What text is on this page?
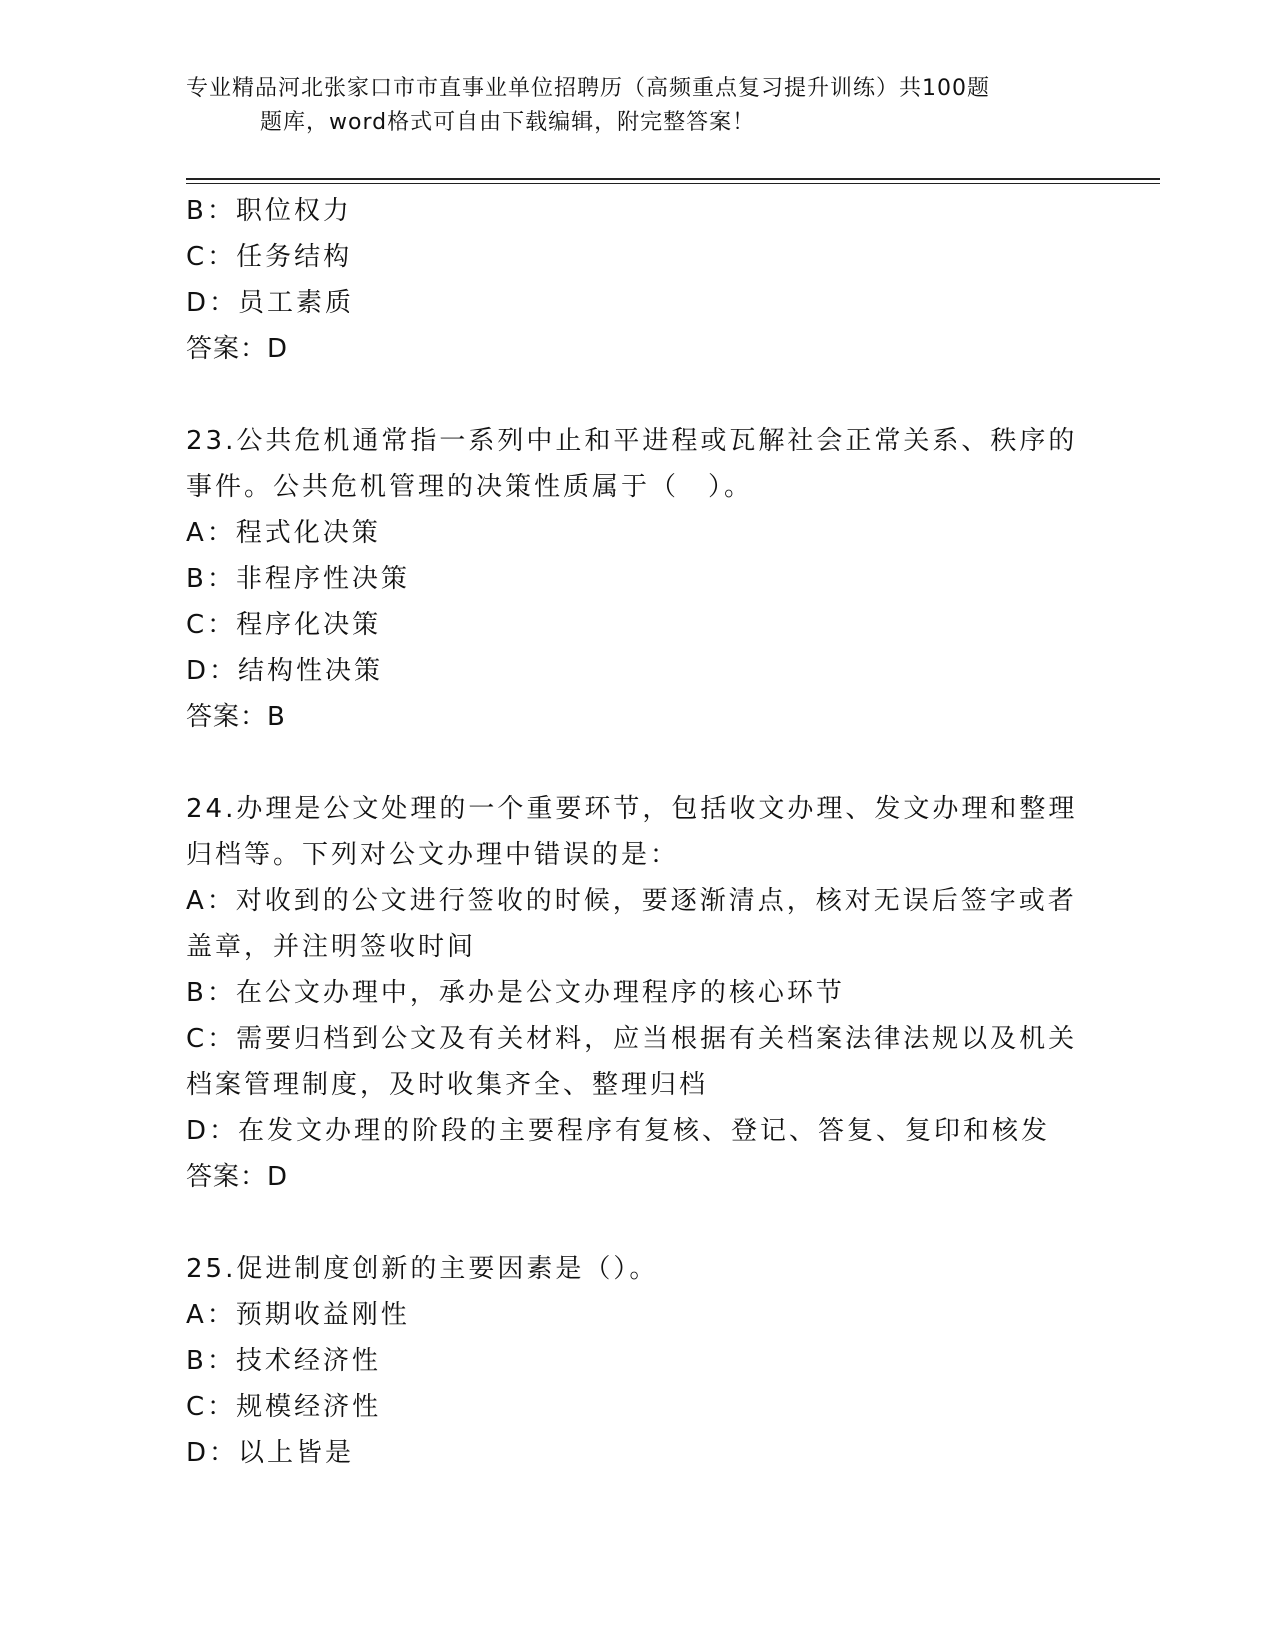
专业精品河北张家口市市直事业单位招聘历（高频重点复习提升训练）共100题
题库，word格式可自由下载编辑，附完整答案！

B：职位权力

C：任务结构

D：员工素质

答案：D

23.公共危机通常指一系列中止和平进程或瓦解社会正常关系、秩序的

事件。公共危机管理的决策性质属于（　）。

A：程式化决策

B：非程序性决策

C：程序化决策

D：结构性决策

答案：B

24.办理是公文处理的一个重要环节，包括收文办理、发文办理和整理

归档等。下列对公文办理中错误的是：

A：对收到的公文进行签收的时候，要逐渐清点，核对无误后签字或者

盖章，并注明签收时间

B：在公文办理中，承办是公文办理程序的核心环节

C：需要归档到公文及有关材料，应当根据有关档案法律法规以及机关

档案管理制度，及时收集齐全、整理归档

D：在发文办理的阶段的主要程序有复核、登记、答复、复印和核发

答案：D

25.促进制度创新的主要因素是（）。

A：预期收益刚性

B：技术经济性

C：规模经济性

D：以上皆是
